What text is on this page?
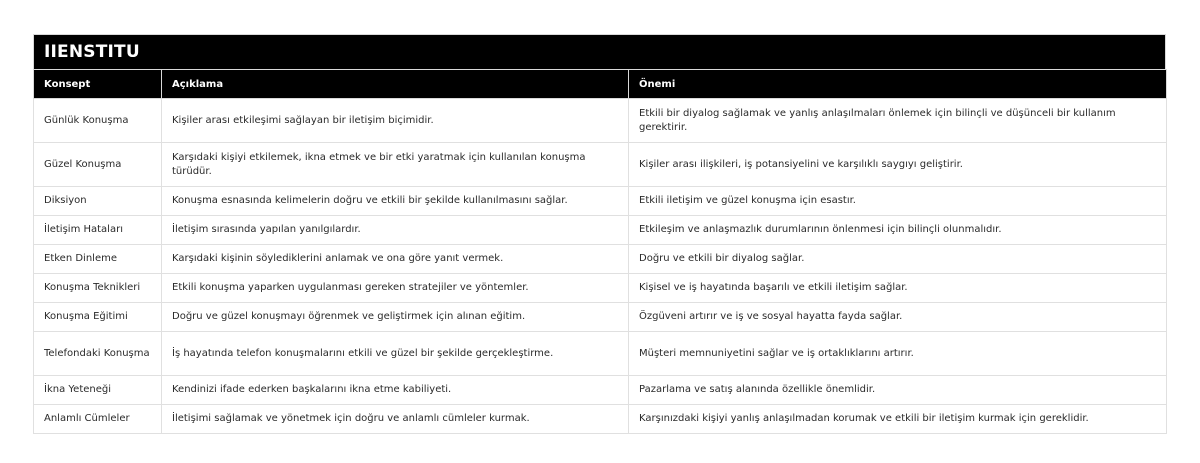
IIENSTITU
Konsept	Açıklama	Önemi
Günlük Konuşma	Kişiler arası etkileşimi sağlayan bir iletişim biçimidir.	Etkili bir diyalog sağlamak ve yanlış anlaşılmaları önlemek için bilinçli ve düşünceli bir kullanım gerektirir.
Güzel Konuşma	Karşıdaki kişiyi etkilemek, ikna etmek ve bir etki yaratmak için kullanılan konuşma türüdür.	Kişiler arası ilişkileri, iş potansiyelini ve karşılıklı saygıyı geliştirir.
Diksiyon	Konuşma esnasında kelimelerin doğru ve etkili bir şekilde kullanılmasını sağlar.	Etkili iletişim ve güzel konuşma için esastır.
İletişim Hataları	İletişim sırasında yapılan yanılgılardır.	Etkileşim ve anlaşmazlık durumlarının önlenmesi için bilinçli olunmalıdır.
Etken Dinleme	Karşıdaki kişinin söylediklerini anlamak ve ona göre yanıt vermek.	Doğru ve etkili bir diyalog sağlar.
Konuşma Teknikleri	Etkili konuşma yaparken uygulanması gereken stratejiler ve yöntemler.	Kişisel ve iş hayatında başarılı ve etkili iletişim sağlar.
Konuşma Eğitimi	Doğru ve güzel konuşmayı öğrenmek ve geliştirmek için alınan eğitim.	Özgüveni artırır ve iş ve sosyal hayatta fayda sağlar.
Telefondaki Konuşma	İş hayatında telefon konuşmalarını etkili ve güzel bir şekilde gerçekleştirme.	Müşteri memnuniyetini sağlar ve iş ortaklıklarını artırır.
İkna Yeteneği	Kendinizi ifade ederken başkalarını ikna etme kabiliyeti.	Pazarlama ve satış alanında özellikle önemlidir.
Anlamlı Cümleler	İletişimi sağlamak ve yönetmek için doğru ve anlamlı cümleler kurmak.	Karşınızdaki kişiyi yanlış anlaşılmadan korumak ve etkili bir iletişim kurmak için gereklidir.
